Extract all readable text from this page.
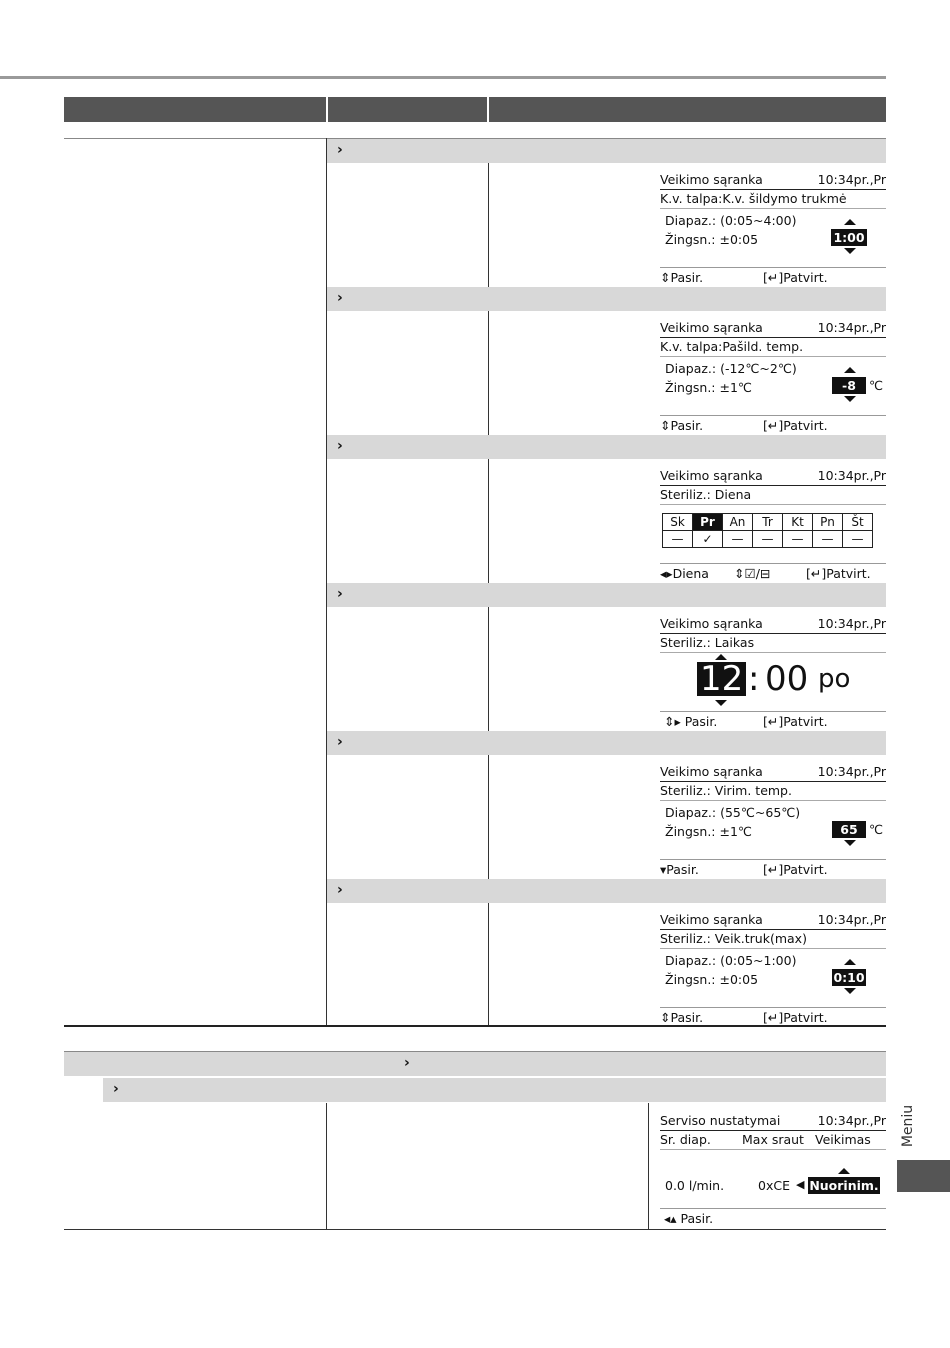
›
›
›
›
›
›
Veikimo sąranka	10:34pr.,Pr
K.v. talpa:K.v. šildymo trukmė
Diapaz.: (0:05~4:00)
Žingsn.: ±0:05	1:00
⇕Pasir.	[↵]Patvirt.
Veikimo sąranka	10:34pr.,Pr
K.v. talpa:Pašild. temp.
Diapaz.: (-12℃~2℃)
Žingsn.: ±1℃	-8	℃
⇕Pasir.	[↵]Patvirt.
Veikimo sąranka	10:34pr.,Pr
Steriliz.: Diena
Sk	Pr	An	Tr	Kt	Pn	Št
—	✓	—	—	—	—	—
◂▸Diena ⇕☑/⊟	[↵]Patvirt.
Veikimo sąranka	10:34pr.,Pr
Steriliz.: Laikas
12 : 00 po
⇕▸ Pasir.	[↵]Patvirt.
Veikimo sąranka	10:34pr.,Pr
Steriliz.: Virim. temp.
Diapaz.: (55℃~65℃)
Žingsn.: ±1℃	65 ℃
▾Pasir.	[↵]Patvirt.
Veikimo sąranka	10:34pr.,Pr
Steriliz.: Veik.truk(max)
Diapaz.: (0:05~1:00)
Žingsn.: ±0:05	0:10
⇕Pasir.	[↵]Patvirt.
›
›
Serviso nustatymai	10:34pr.,Pr
Sr. diap. Max sraut Veikimas
0.0 l/min.	0xCE ◀ Nuorinim.
◂▴ Pasir.
Meniu
